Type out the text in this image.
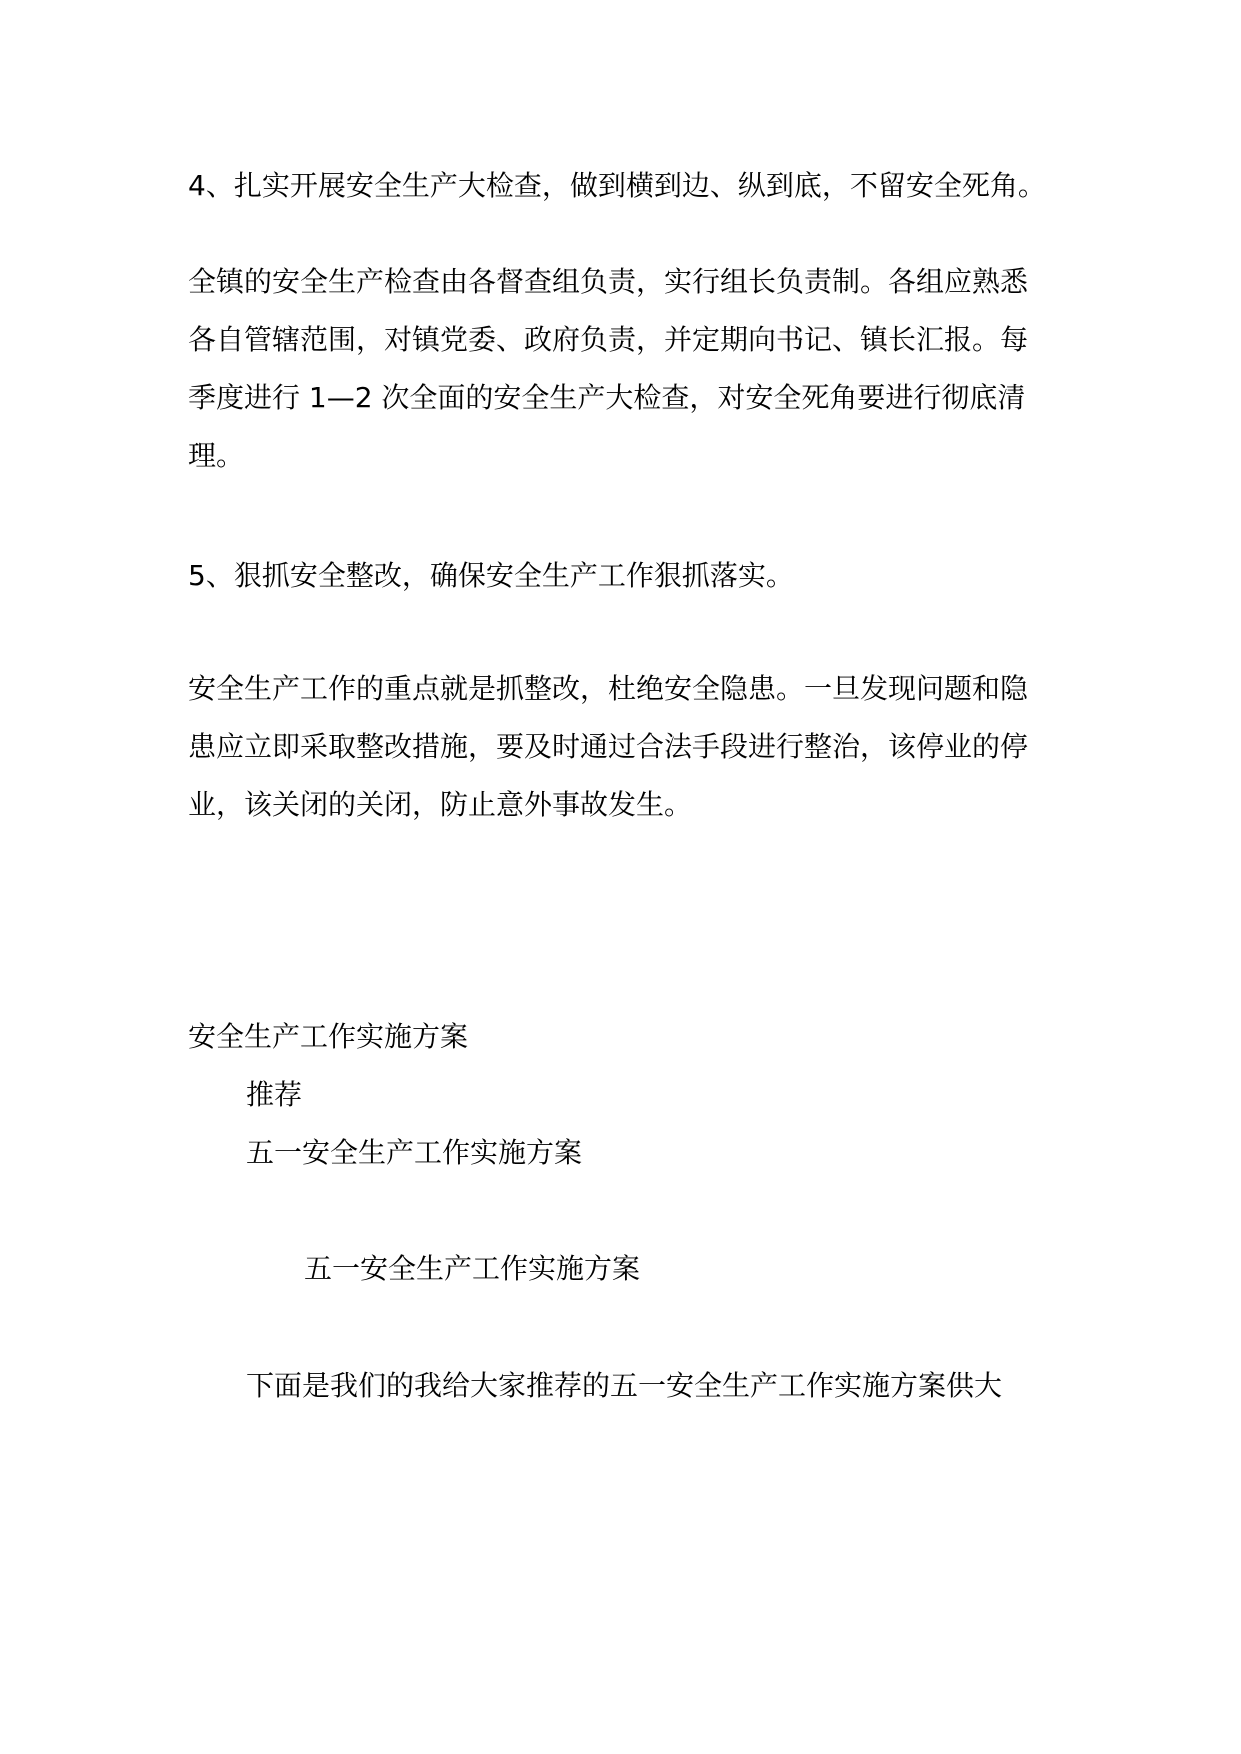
4、扎实开展安全生产大检查，做到横到边、纵到底，不留安全死角。
全镇的安全生产检查由各督查组负责，实行组长负责制。各组应熟悉
各自管辖范围，对镇党委、政府负责，并定期向书记、镇长汇报。每
季度进行 1—2 次全面的安全生产大检查，对安全死角要进行彻底清
理。
5、狠抓安全整改，确保安全生产工作狠抓落实。
安全生产工作的重点就是抓整改，杜绝安全隐患。一旦发现问题和隐
患应立即采取整改措施，要及时通过合法手段进行整治，该停业的停
业，该关闭的关闭，防止意外事故发生。
安全生产工作实施方案
推荐
五一安全生产工作实施方案
五一安全生产工作实施方案
下面是我们的我给大家推荐的五一安全生产工作实施方案供大
